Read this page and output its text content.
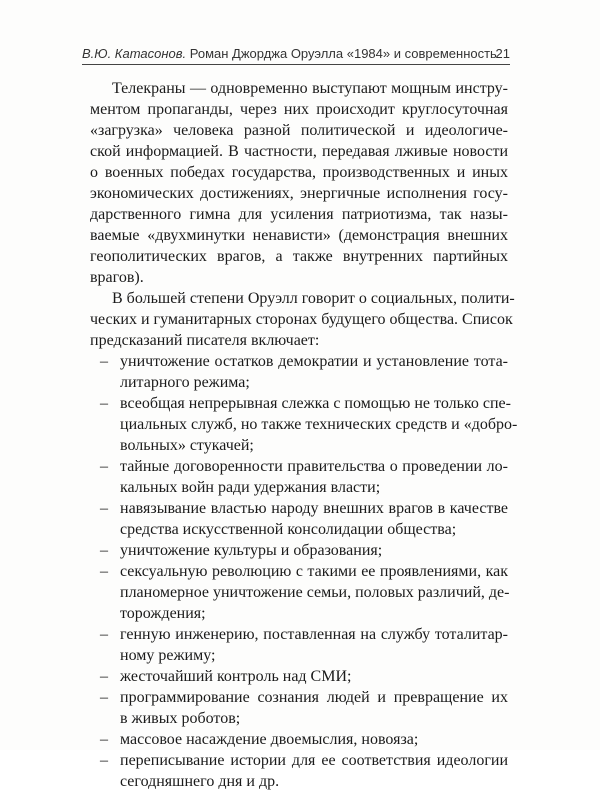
В.Ю. Катасонов. Роман Джорджа Оруэлла «1984» и современность
21
Телекраны — одновременно выступают мощным инстру-
ментом пропаганды, через них происходит круглосуточная
«загрузка» человека разной политической и идеологиче-
ской информацией. В частности, передавая лживые новости
о военных победах государства, производственных и иных
экономических достижениях, энергичные исполнения госу-
дарственного гимна для усиления патриотизма, так назы-
ваемые «двухминутки ненависти» (демонстрация внешних
геополитических врагов, а также внутренних партийных
врагов).
В большей степени Оруэлл говорит о социальных, полити-
ческих и гуманитарных сторонах будущего общества. Список
предсказаний писателя включает:
– уничтожение остатков демократии и установление тота-
литарного режима;
– всеобщая непрерывная слежка с помощью не только спе-
циальных служб, но также технических средств и «добро-
вольных» стукачей;
– тайные договоренности правительства о проведении ло-
кальных войн ради удержания власти;
– навязывание властью народу внешних врагов в качестве
средства искусственной консолидации общества;
– уничтожение культуры и образования;
– сексуальную революцию с такими ее проявлениями, как
планомерное уничтожение семьи, половых различий, де-
торождения;
– генную инженерию, поставленная на службу тоталитар-
ному режиму;
– жесточайший контроль над СМИ;
– программирование сознания людей и превращение их
в живых роботов;
– массовое насаждение двоемыслия, новояза;
– переписывание истории для ее соответствия идеологии
сегодняшнего дня и др.
